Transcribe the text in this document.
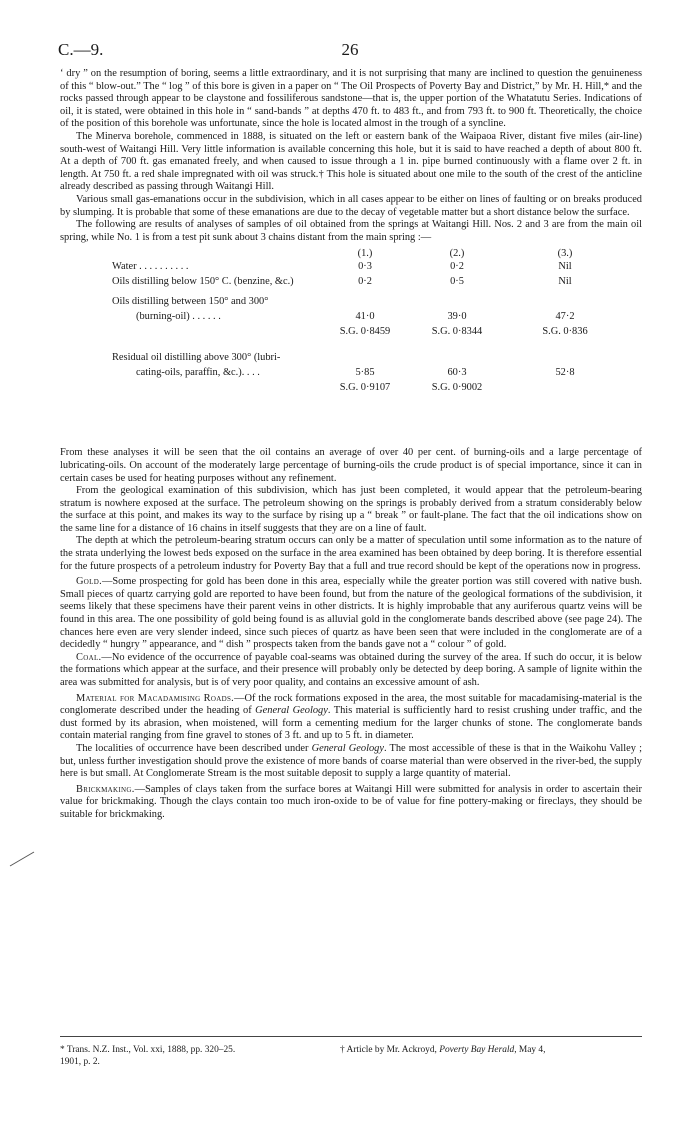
C.—9.	26

‘ dry ” on the resumption of boring, seems a little extraordinary, and it is not surprising that many are inclined to question the genuineness of this “ blow-out.” The “ log ” of this bore is given in a paper on “ The Oil Prospects of Poverty Bay and District,” by Mr. H. Hill,* and the rocks passed through appear to be claystone and fossiliferous sandstone—that is, the upper portion of the Whatatutu Series. Indications of oil, it is stated, were obtained in this hole in “ sand-bands ” at depths 470 ft. to 483 ft., and from 793 ft. to 900 ft. Theoretically, the choice of the position of this borehole was unfortunate, since the hole is located almost in the trough of a syncline.

The Minerva borehole, commenced in 1888, is situated on the left or eastern bank of the Waipaoa River, distant five miles (air-line) south-west of Waitangi Hill. Very little information is available concerning this hole, but it is said to have reached a depth of about 800 ft. At a depth of 700 ft. gas emanated freely, and when caused to issue through a 1 in. pipe burned continuously with a flame over 2 ft. in length. At 750 ft. a red shale impregnated with oil was struck.† This hole is situated about one mile to the south of the crest of the anticline already described as passing through Waitangi Hill.

Various small gas-emanations occur in the subdivision, which in all cases appear to be either on lines of faulting or on breaks produced by slumping. It is probable that some of these emanations are due to the decay of vegetable matter but a short distance below the surface.

The following are results of analyses of samples of oil obtained from the springs at Waitangi Hill. Nos. 2 and 3 are from the main oil spring, while No. 1 is from a test pit sunk about 3 chains distant from the main spring :—

(1.)	(2.)	(3.)
Water . . . . . . . . . .	0·3	0·2	Nil
Oils distilling below 150° C. (benzine, &c.)	0·2	0·5	Nil
Oils distilling between 150° and 300°
(burning-oil) . . . . . .	41·0	39·0	47·2
S.G. 0·8459	S.G. 0·8344	S.G. 0·836
Residual oil distilling above 300° (lubri-
cating-oils, paraffin, &c.). . . .	5·85	60·3	52·8
S.G. 0·9107	S.G. 0·9002

From these analyses it will be seen that the oil contains an average of over 40 per cent. of burning-oils and a large percentage of lubricating-oils. On account of the moderately large percentage of burning-oils the crude product is of special importance, since it can in certain cases be used for heating purposes without any refinement.

From the geological examination of this subdivision, which has just been completed, it would appear that the petroleum-bearing stratum is nowhere exposed at the surface. The petroleum showing on the springs is probably derived from a stratum considerably below the surface at this point, and makes its way to the surface by rising up a “ break ” or fault-plane. The fact that the oil indications show on the same line for a distance of 16 chains in itself suggests that they are on a line of fault.

The depth at which the petroleum-bearing stratum occurs can only be a matter of speculation until some information as to the nature of the strata underlying the lowest beds exposed on the surface in the area examined has been obtained by deep boring. It is therefore essential for the future prospects of a petroleum industry for Poverty Bay that a full and true record should be kept of the operations now in progress.

Gold.—Some prospecting for gold has been done in this area, especially while the greater portion was still covered with native bush. Small pieces of quartz carrying gold are reported to have been found, but from the nature of the geological formations of the subdivision, it seems likely that these specimens have their parent veins in other districts. It is highly improbable that any auriferous quartz veins will be found in this area. The one possibility of gold being found is as alluvial gold in the conglomerate bands described above (see page 24). The chances here even are very slender indeed, since such pieces of quartz as have been seen that were included in the conglomerate are of a decidedly “ hungry ” appearance, and “ dish ” prospects taken from the bands gave not a “ colour ” of gold.

Coal.—No evidence of the occurrence of payable coal-seams was obtained during the survey of the area. If such do occur, it is below the formations which appear at the surface, and their presence will probably only be detected by deep boring. A sample of lignite within the area was submitted for analysis, but is of very poor quality, and contains an excessive amount of ash.

Material for Macadamising Roads.—Of the rock formations exposed in the area, the most suitable for macadamising-material is the conglomerate described under the heading of General Geology. This material is sufficiently hard to resist crushing under traffic, and the dust formed by its abrasion, when moistened, will form a cementing medium for the larger chunks of stone. The conglomerate bands contain material ranging from fine gravel to stones of 3 ft. and up to 5 ft. in diameter.

The localities of occurrence have been described under General Geology. The most accessible of these is that in the Waikohu Valley ; but, unless further investigation should prove the existence of more bands of coarse material than were observed in the river-bed, the supply here is but small. At Conglomerate Stream is the most suitable deposit to supply a large quantity of material.

Brickmaking.—Samples of clays taken from the surface bores at Waitangi Hill were submitted for analysis in order to ascertain their value for brickmaking. Though the clays contain too much iron-oxide to be of value for fine pottery-making or fireclays, they should be suitable for brickmaking.

* Trans. N.Z. Inst., Vol. xxi, 1888, pp. 320–25.
1901, p. 2.
† Article by Mr. Ackroyd, Poverty Bay Herald, May 4,
